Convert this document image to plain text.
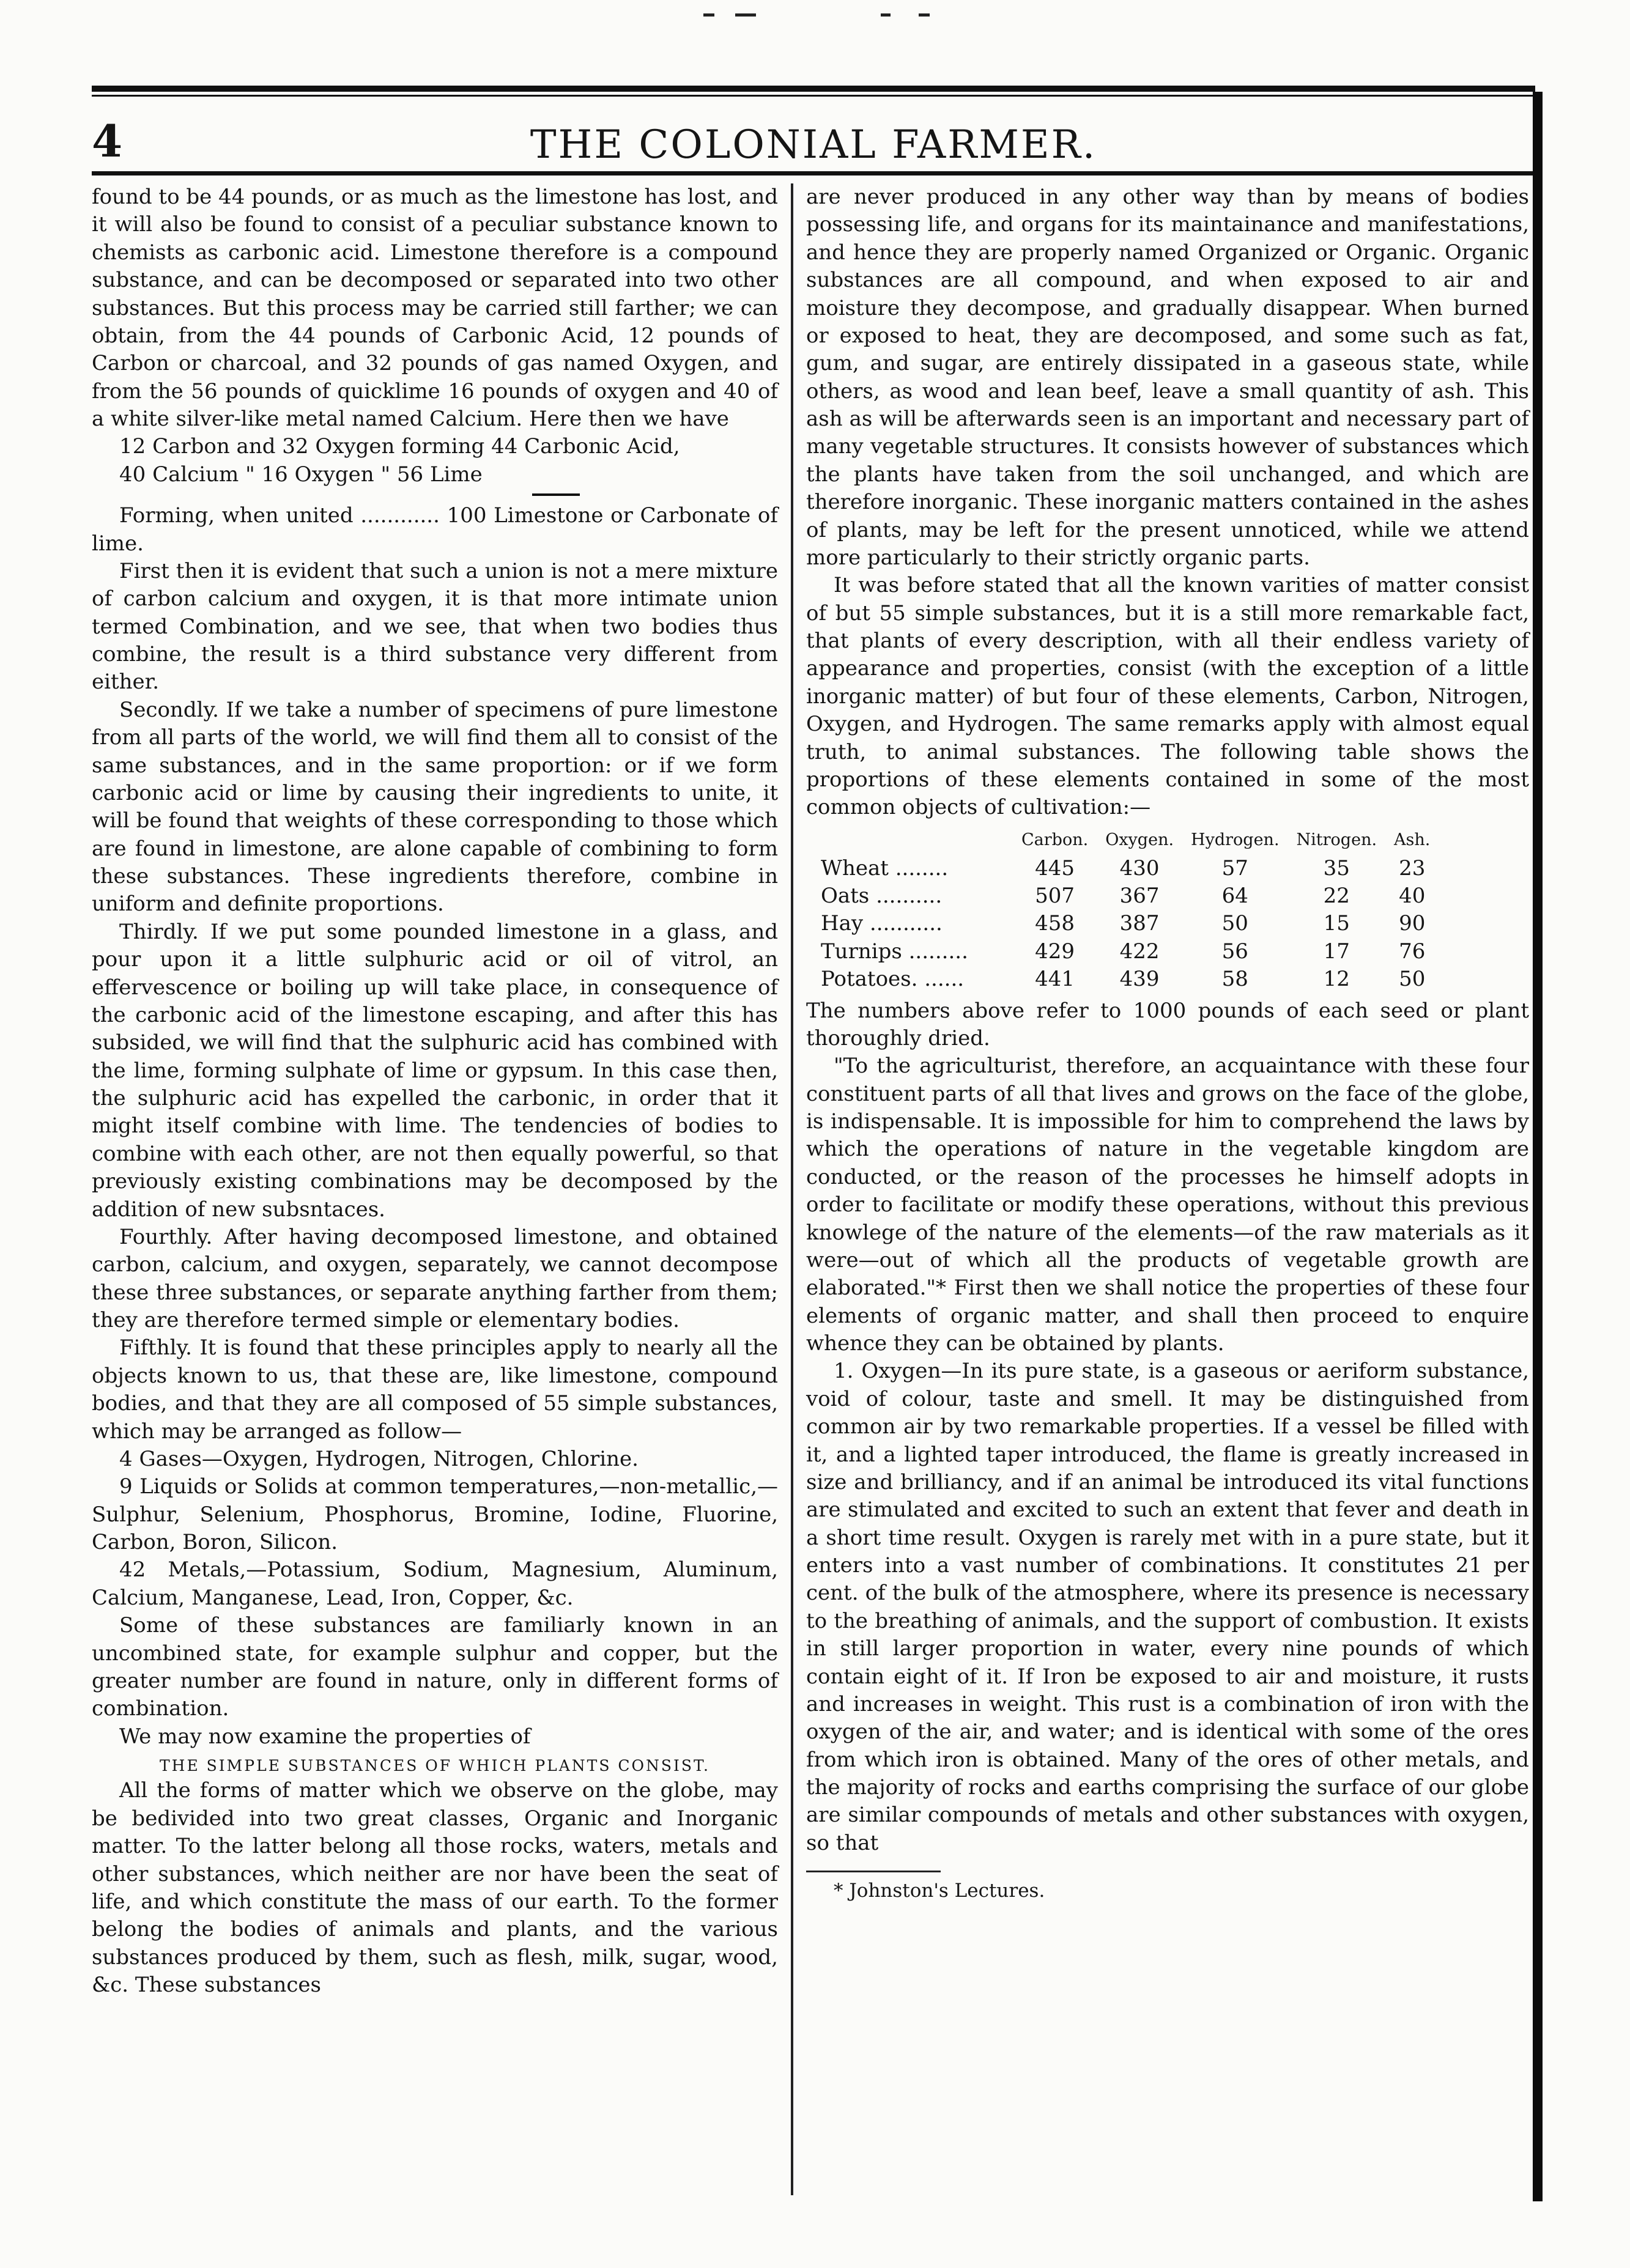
4	THE COLONIAL FARMER.

found to be 44 pounds, or as much as the limestone has lost, and it will also be found to consist of a peculiar substance known to chemists as carbonic acid. Limestone therefore is a compound substance, and can be decomposed or separated into two other substances. But this process may be carried still farther; we can obtain, from the 44 pounds of Carbonic Acid, 12 pounds of Carbon or charcoal, and 32 pounds of gas named Oxygen, and from the 56 pounds of quicklime 16 pounds of oxygen and 40 of a white silver-like metal named Calcium. Here then we have

12 Carbon and 32 Oxygen forming 44 Carbonic Acid,

40 Calcium " 16 Oxygen " 56 Lime

Forming, when united ............ 100 Limestone or Carbonate of lime.

First then it is evident that such a union is not a mere mixture of carbon calcium and oxygen, it is that more intimate union termed Combination, and we see, that when two bodies thus combine, the result is a third substance very different from either.

Secondly. If we take a number of specimens of pure limestone from all parts of the world, we will find them all to consist of the same substances, and in the same proportion: or if we form carbonic acid or lime by causing their ingredients to unite, it will be found that weights of these corresponding to those which are found in limestone, are alone capable of combining to form these substances. These ingredients therefore, combine in uniform and definite proportions.

Thirdly. If we put some pounded limestone in a glass, and pour upon it a little sulphuric acid or oil of vitrol, an effervescence or boiling up will take place, in consequence of the carbonic acid of the limestone escaping, and after this has subsided, we will find that the sulphuric acid has combined with the lime, forming sulphate of lime or gypsum. In this case then, the sulphuric acid has expelled the carbonic, in order that it might itself combine with lime. The tendencies of bodies to combine with each other, are not then equally powerful, so that previously existing combinations may be decomposed by the addition of new subsntaces.

Fourthly. After having decomposed limestone, and obtained carbon, calcium, and oxygen, separately, we cannot decompose these three substances, or separate anything farther from them; they are therefore termed simple or elementary bodies.

Fifthly. It is found that these principles apply to nearly all the objects known to us, that these are, like limestone, compound bodies, and that they are all composed of 55 simple substances, which may be arranged as follow—

4 Gases—Oxygen, Hydrogen, Nitrogen, Chlorine.

9 Liquids or Solids at common temperatures,—non-metallic,—Sulphur, Selenium, Phosphorus, Bromine, Iodine, Fluorine, Carbon, Boron, Silicon.

42 Metals,—Potassium, Sodium, Magnesium, Aluminum, Calcium, Manganese, Lead, Iron, Copper, &c.

Some of these substances are familiarly known in an uncombined state, for example sulphur and copper, but the greater number are found in nature, only in different forms of combination.

We may now examine the properties of

THE SIMPLE SUBSTANCES OF WHICH PLANTS CONSIST.

All the forms of matter which we observe on the globe, may be bedivided into two great classes, Organic and Inorganic matter. To the latter belong all those rocks, waters, metals and other substances, which neither are nor have been the seat of life, and which constitute the mass of our earth. To the former belong the bodies of animals and plants, and the various substances produced by them, such as flesh, milk, sugar, wood, &c. These substances

are never produced in any other way than by means of bodies possessing life, and organs for its maintainance and manifestations, and hence they are properly named Organized or Organic. Organic substances are all compound, and when exposed to air and moisture they decompose, and gradually disappear. When burned or exposed to heat, they are decomposed, and some such as fat, gum, and sugar, are entirely dissipated in a gaseous state, while others, as wood and lean beef, leave a small quantity of ash. This ash as will be afterwards seen is an important and necessary part of many vegetable structures. It consists however of substances which the plants have taken from the soil unchanged, and which are therefore inorganic. These inorganic matters contained in the ashes of plants, may be left for the present unnoticed, while we attend more particularly to their strictly organic parts.

It was before stated that all the known varities of matter consist of but 55 simple substances, but it is a still more remarkable fact, that plants of every description, with all their endless variety of appearance and properties, consist (with the exception of a little inorganic matter) of but four of these elements, Carbon, Nitrogen, Oxygen, and Hydrogen. The same remarks apply with almost equal truth, to animal substances. The following table shows the proportions of these elements contained in some of the most common objects of cultivation:—

	Carbon.	Oxygen.	Hydrogen.	Nitrogen.	Ash.
Wheat ........	445	430	57	35	23
Oats ..........	507	367	64	22	40
Hay ...........	458	387	50	15	90
Turnips .........	429	422	56	17	76
Potatoes. ......	441	439	58	12	50

The numbers above refer to 1000 pounds of each seed or plant thoroughly dried.

"To the agriculturist, therefore, an acquaintance with these four constituent parts of all that lives and grows on the face of the globe, is indispensable. It is impossible for him to comprehend the laws by which the operations of nature in the vegetable kingdom are conducted, or the reason of the processes he himself adopts in order to facilitate or modify these operations, without this previous knowlege of the nature of the elements—of the raw materials as it were—out of which all the products of vegetable growth are elaborated."* First then we shall notice the properties of these four elements of organic matter, and shall then proceed to enquire whence they can be obtained by plants.

1. Oxygen—In its pure state, is a gaseous or aeriform substance, void of colour, taste and smell. It may be distinguished from common air by two remarkable properties. If a vessel be filled with it, and a lighted taper introduced, the flame is greatly increased in size and brilliancy, and if an animal be introduced its vital functions are stimulated and excited to such an extent that fever and death in a short time result. Oxygen is rarely met with in a pure state, but it enters into a vast number of combinations. It constitutes 21 per cent. of the bulk of the atmosphere, where its presence is necessary to the breathing of animals, and the support of combustion. It exists in still larger proportion in water, every nine pounds of which contain eight of it. If Iron be exposed to air and moisture, it rusts and increases in weight. This rust is a combination of iron with the oxygen of the air, and water; and is identical with some of the ores from which iron is obtained. Many of the ores of other metals, and the majority of rocks and earths comprising the surface of our globe are similar compounds of metals and other substances with oxygen, so that

* Johnston's Lectures.
